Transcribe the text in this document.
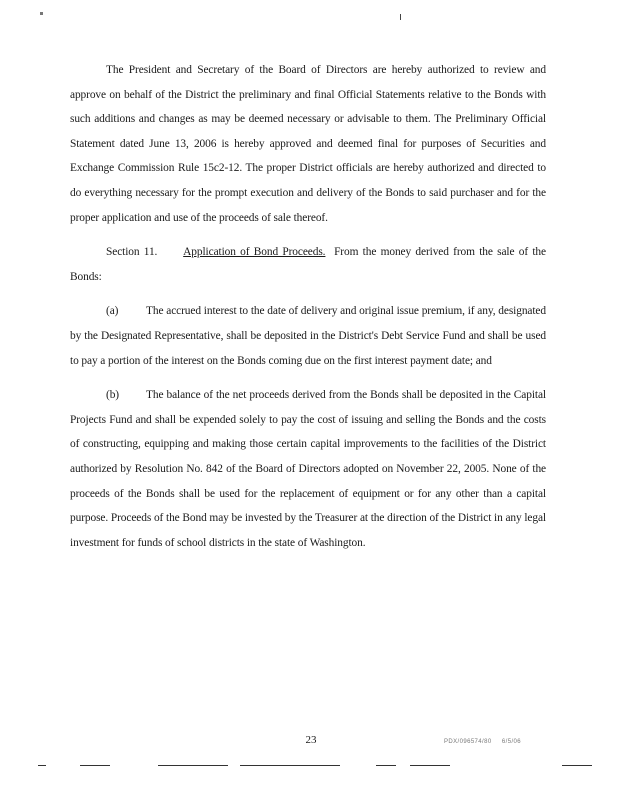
The President and Secretary of the Board of Directors are hereby authorized to review and approve on behalf of the District the preliminary and final Official Statements relative to the Bonds with such additions and changes as may be deemed necessary or advisable to them. The Preliminary Official Statement dated June 13, 2006 is hereby approved and deemed final for purposes of Securities and Exchange Commission Rule 15c2-12. The proper District officials are hereby authorized and directed to do everything necessary for the prompt execution and delivery of the Bonds to said purchaser and for the proper application and use of the proceeds of sale thereof.

Section 11. Application of Bond Proceeds. From the money derived from the sale of the Bonds:

(a) The accrued interest to the date of delivery and original issue premium, if any, designated by the Designated Representative, shall be deposited in the District's Debt Service Fund and shall be used to pay a portion of the interest on the Bonds coming due on the first interest payment date; and

(b) The balance of the net proceeds derived from the Bonds shall be deposited in the Capital Projects Fund and shall be expended solely to pay the cost of issuing and selling the Bonds and the costs of constructing, equipping and making those certain capital improvements to the facilities of the District authorized by Resolution No. 842 of the Board of Directors adopted on November 22, 2005. None of the proceeds of the Bonds shall be used for the replacement of equipment or for any other than a capital purpose. Proceeds of the Bond may be invested by the Treasurer at the direction of the District in any legal investment for funds of school districts in the state of Washington.

23	PDX/096574/80 6/5/06
